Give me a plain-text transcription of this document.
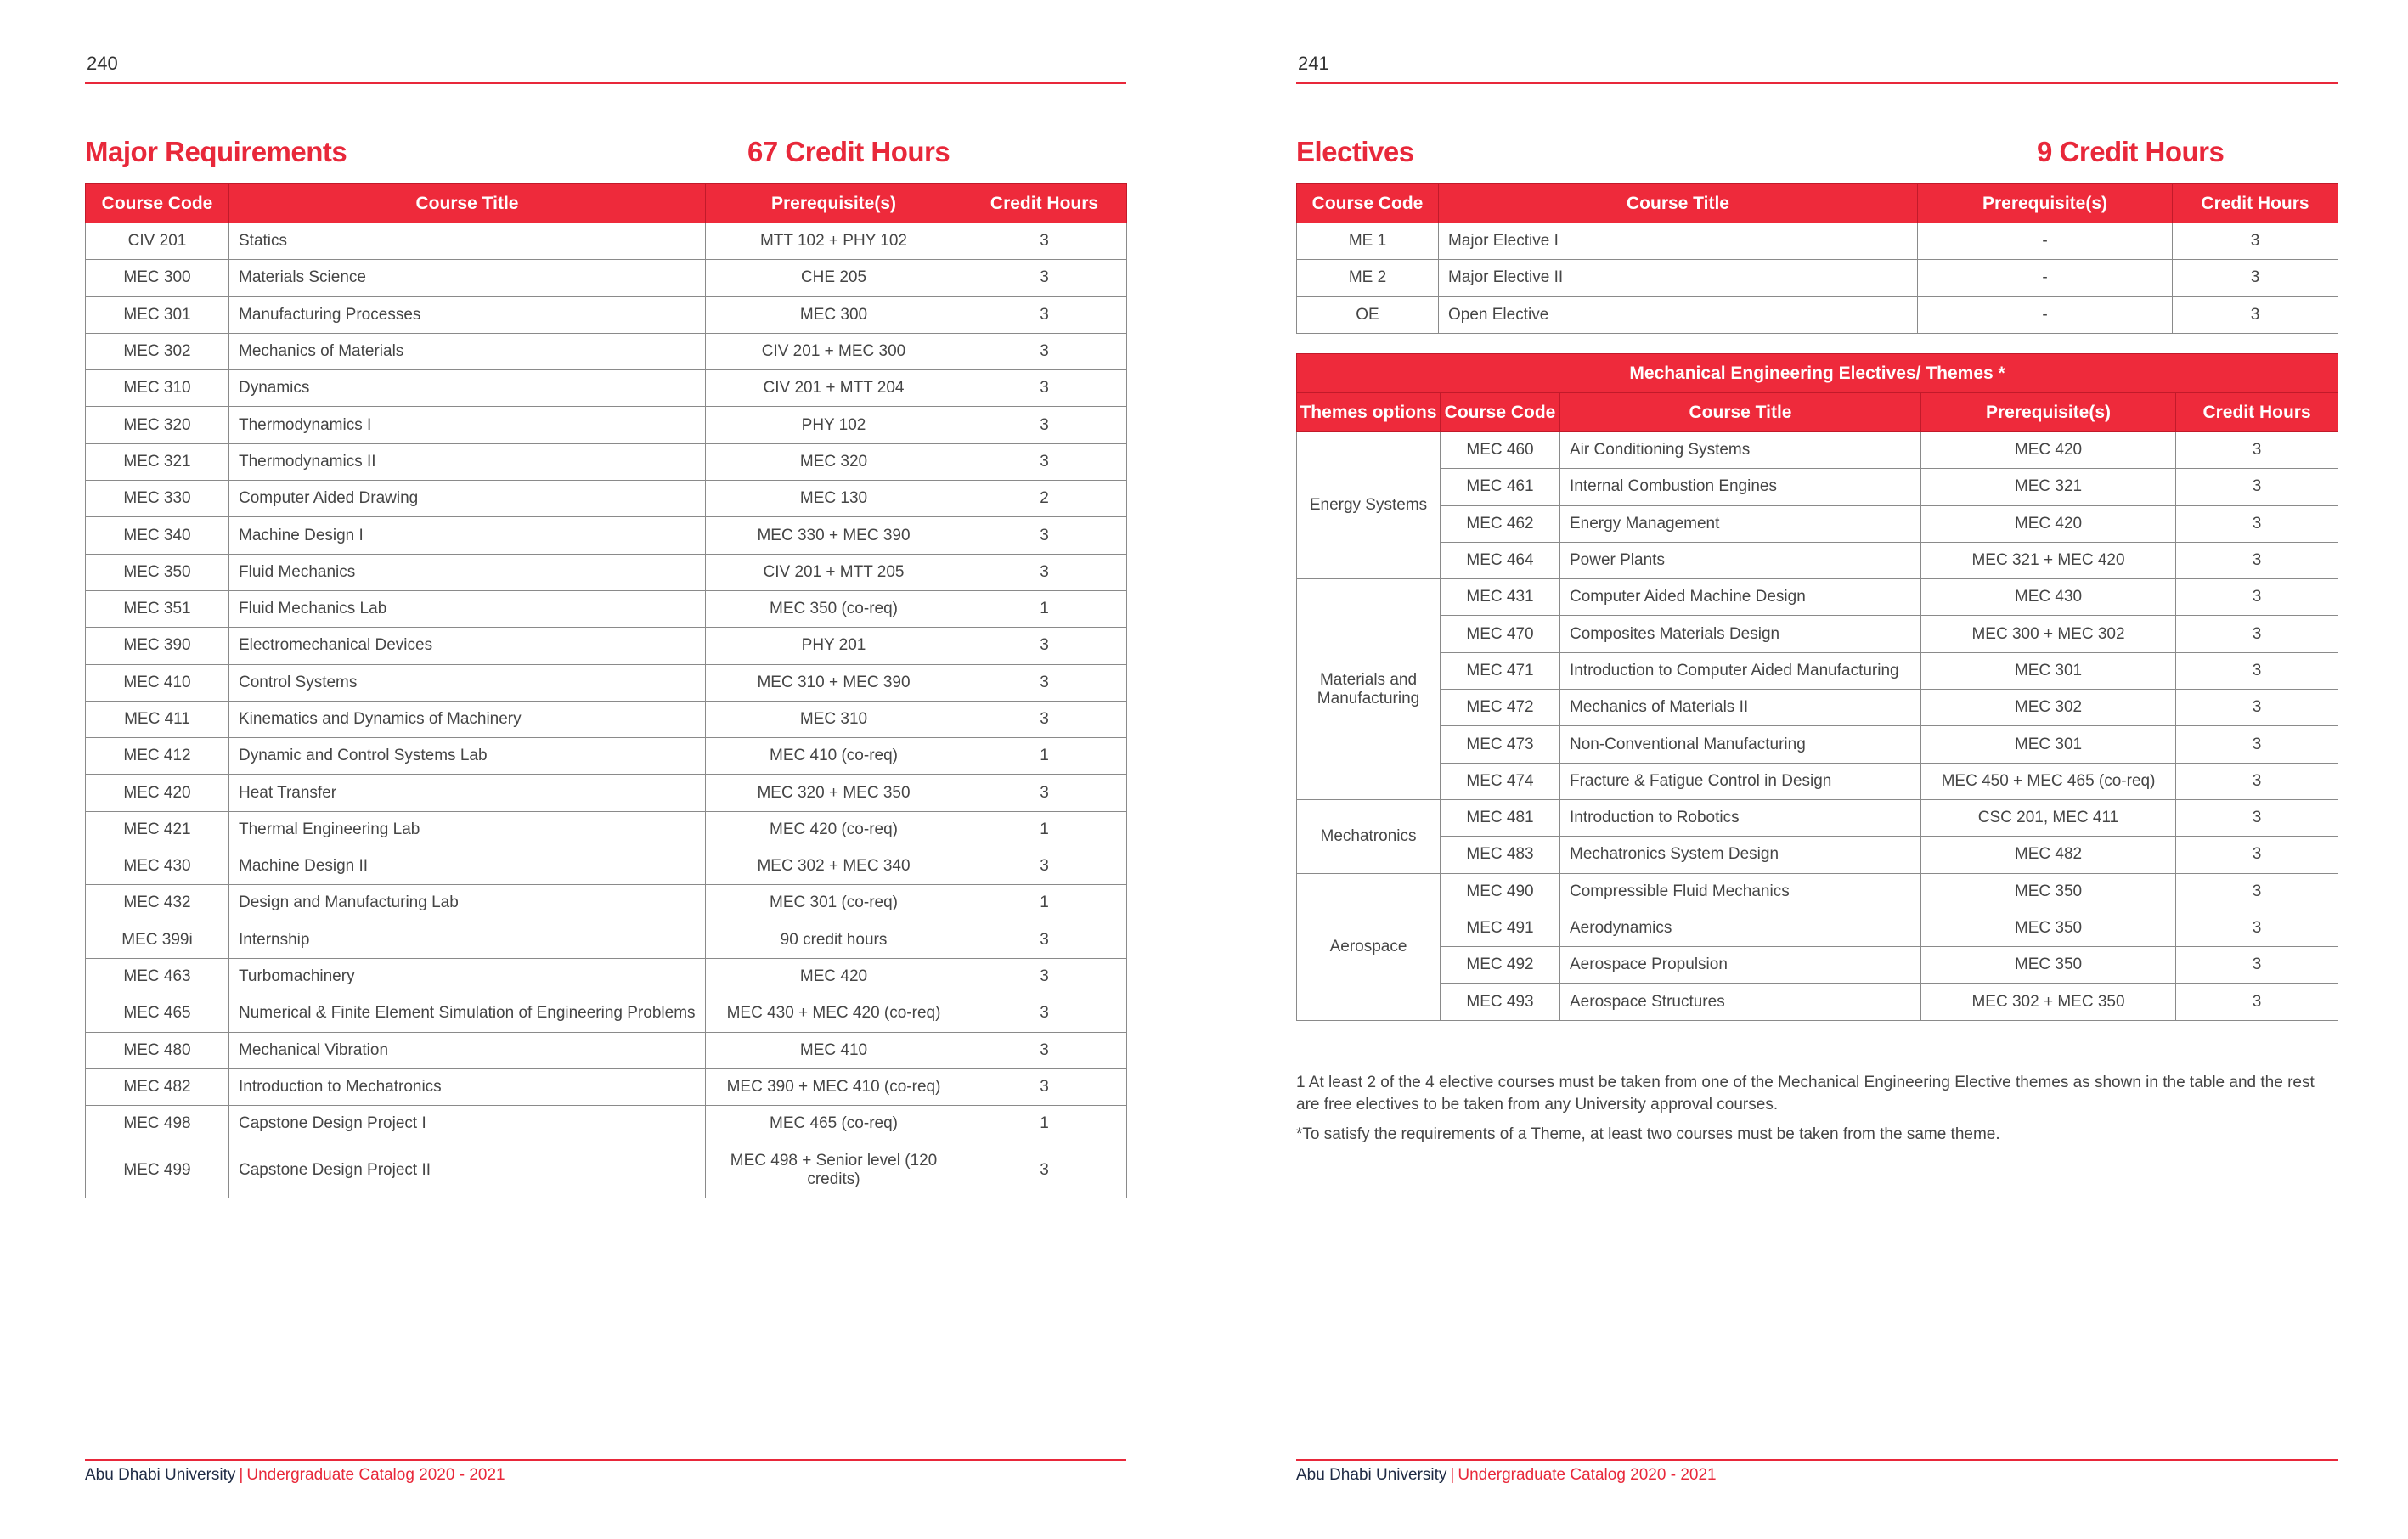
240
Major Requirements	67 Credit Hours
Course Code	Course Title	Prerequisite(s)	Credit Hours
CIV 201	Statics	MTT 102 + PHY 102	3
MEC 300	Materials Science	CHE 205	3
MEC 301	Manufacturing Processes	MEC 300	3
MEC 302	Mechanics of Materials	CIV 201 + MEC 300	3
MEC 310	Dynamics	CIV 201 + MTT 204	3
MEC 320	Thermodynamics I	PHY 102	3
MEC 321	Thermodynamics II	MEC 320	3
MEC 330	Computer Aided Drawing	MEC 130	2
MEC 340	Machine Design I	MEC 330 + MEC 390	3
MEC 350	Fluid Mechanics	CIV 201 + MTT 205	3
MEC 351	Fluid Mechanics Lab	MEC 350 (co-req)	1
MEC 390	Electromechanical Devices	PHY 201	3
MEC 410	Control Systems	MEC 310 + MEC 390	3
MEC 411	Kinematics and Dynamics of Machinery	MEC 310	3
MEC 412	Dynamic and Control Systems Lab	MEC 410 (co-req)	1
MEC 420	Heat Transfer	MEC 320 + MEC 350	3
MEC 421	Thermal Engineering Lab	MEC 420 (co-req)	1
MEC 430	Machine Design II	MEC 302 + MEC 340	3
MEC 432	Design and Manufacturing Lab	MEC 301 (co-req)	1
MEC 399i	Internship	90 credit hours	3
MEC 463	Turbomachinery	MEC 420	3
MEC 465	Numerical & Finite Element Simulation of Engineering Problems	MEC 430 + MEC 420 (co-req)	3
MEC 480	Mechanical Vibration	MEC 410	3
MEC 482	Introduction to Mechatronics	MEC 390 + MEC 410 (co-req)	3
MEC 498	Capstone Design Project I	MEC 465 (co-req)	1
MEC 499	Capstone Design Project II	MEC 498 + Senior level (120 credits)	3
Abu Dhabi University | Undergraduate Catalog 2020 - 2021
241
Electives	9 Credit Hours
Course Code	Course Title	Prerequisite(s)	Credit Hours
ME 1	Major Elective I	-	3
ME 2	Major Elective II	-	3
OE	Open Elective	-	3
Mechanical Engineering Electives/ Themes *				
Themes options	Course Code	Course Title	Prerequisite(s)	Credit Hours
Energy Systems	MEC 460	Air Conditioning Systems	MEC 420	3
	MEC 461	Internal Combustion Engines	MEC 321	3
	MEC 462	Energy Management	MEC 420	3
	MEC 464	Power Plants	MEC 321 + MEC 420	3
Materials and Manufacturing	MEC 431	Computer Aided Machine Design	MEC 430	3
	MEC 470	Composites Materials Design	MEC 300 + MEC 302	3
	MEC 471	Introduction to Computer Aided Manufacturing	MEC 301	3
	MEC 472	Mechanics of Materials II	MEC 302	3
	MEC 473	Non-Conventional Manufacturing	MEC 301	3
	MEC 474	Fracture & Fatigue Control in Design	MEC 450 + MEC 465 (co-req)	3
Mechatronics	MEC 481	Introduction to Robotics	CSC 201, MEC 411	3
	MEC 483	Mechatronics System Design	MEC 482	3
Aerospace	MEC 490	Compressible Fluid Mechanics	MEC 350	3
	MEC 491	Aerodynamics	MEC 350	3
	MEC 492	Aerospace Propulsion	MEC 350	3
	MEC 493	Aerospace Structures	MEC 302 + MEC 350	3
1 At least 2 of the 4 elective courses must be taken from one of the Mechanical Engineering Elective themes as shown in the table and the rest are free electives to be taken from any University approval courses.
*To satisfy the requirements of a Theme, at least two courses must be taken from the same theme.
Abu Dhabi University | Undergraduate Catalog 2020 - 2021
